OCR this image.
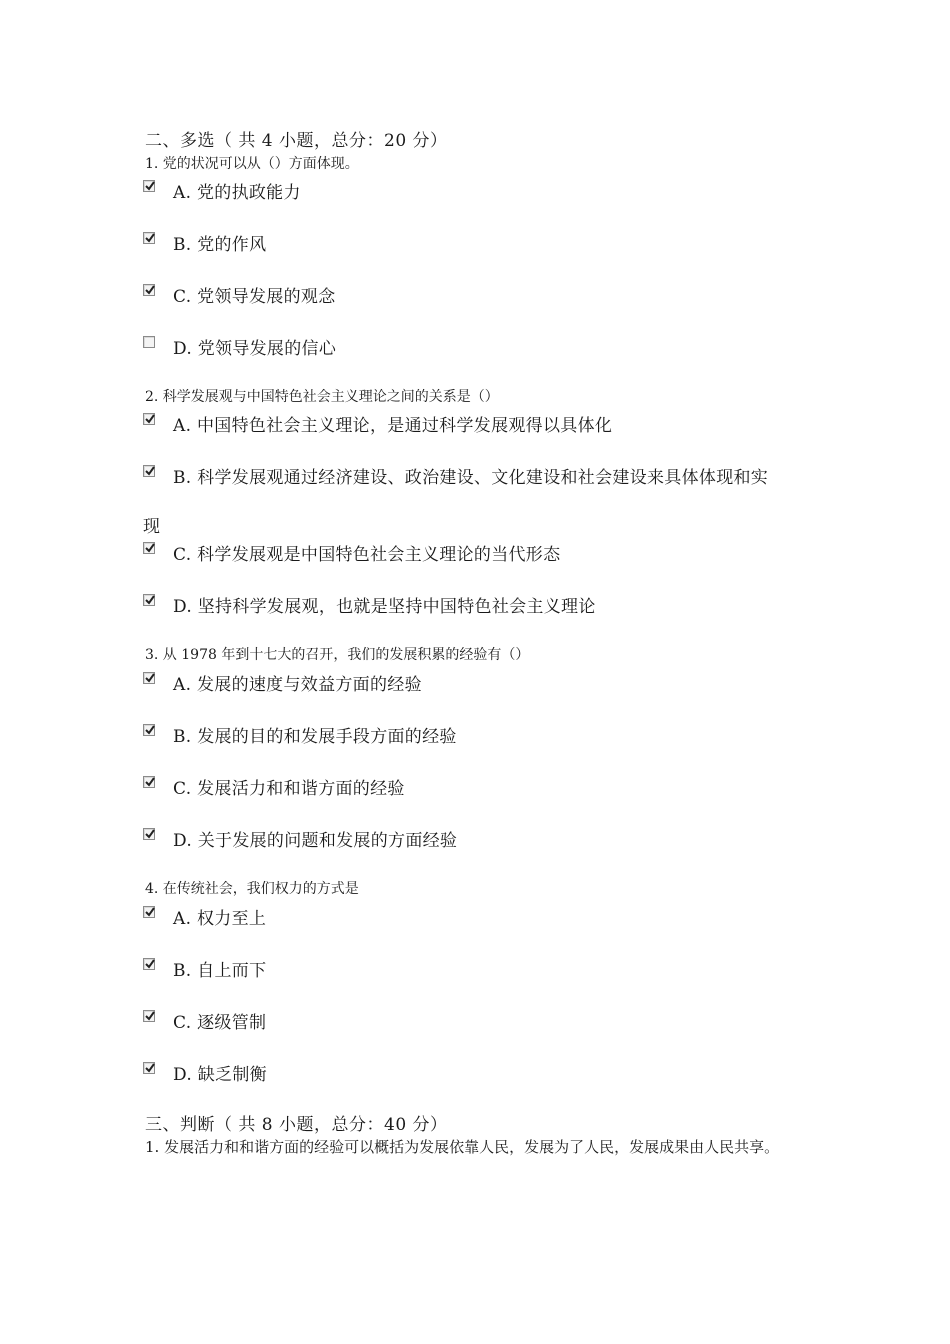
二、多选（ 共 4 小题，总分：20 分）
1. 党的状况可以从（）方面体现。
A. 党的执政能力
B. 党的作风
C. 党领导发展的观念
D. 党领导发展的信心
2. 科学发展观与中国特色社会主义理论之间的关系是（）
A. 中国特色社会主义理论，是通过科学发展观得以具体化
B. 科学发展观通过经济建设、政治建设、文化建设和社会建设来具体体现和实
现
C. 科学发展观是中国特色社会主义理论的当代形态
D. 坚持科学发展观，也就是坚持中国特色社会主义理论
3. 从 1978 年到十七大的召开，我们的发展积累的经验有（）
A. 发展的速度与效益方面的经验
B. 发展的目的和发展手段方面的经验
C. 发展活力和和谐方面的经验
D. 关于发展的问题和发展的方面经验
4. 在传统社会，我们权力的方式是
A. 权力至上
B. 自上而下
C. 逐级管制
D. 缺乏制衡
三、判断（ 共 8 小题，总分：40 分）
1. 发展活力和和谐方面的经验可以概括为发展依靠人民，发展为了人民，发展成果由人民共享。
